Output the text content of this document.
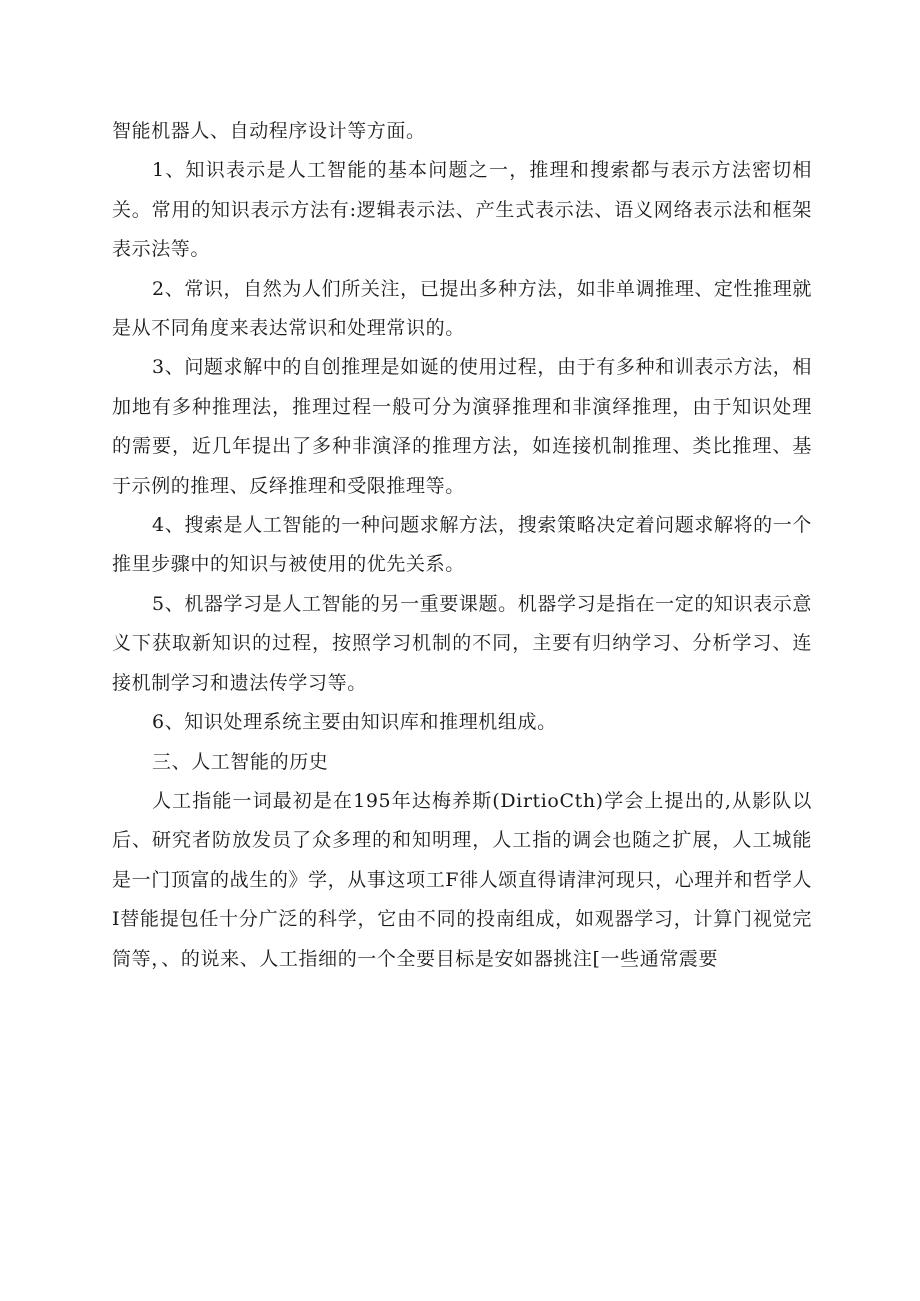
智能机器人、自动程序设计等方面。

1、知识表示是人工智能的基本问题之一，推理和搜索都与表示方法密切相关。常用的知识表示方法有:逻辑表示法、产生式表示法、语义网络表示法和框架表示法等。

2、常识，自然为人们所关注，已提出多种方法，如非单调推理、定性推理就是从不同角度来表达常识和处理常识的。

3、问题求解中的自创推理是如诞的使用过程，由于有多种和训表示方法，相加地有多种推理法，推理过程一般可分为演驿推理和非演绎推理，由于知识处理的需要，近几年提出了多种非演泽的推理方法，如连接机制推理、类比推理、基于示例的推理、反绎推理和受限推理等。

4、搜索是人工智能的一种问题求解方法，搜索策略决定着问题求解将的一个推里步骤中的知识与被使用的优先关系。

5、机器学习是人工智能的另一重要课题。机器学习是指在一定的知识表示意义下获取新知识的过程，按照学习机制的不同，主要有归纳学习、分析学习、连接机制学习和遗法传学习等。

6、知识处理系统主要由知识库和推理机组成。

三、人工智能的历史

人工指能一词最初是在195年达梅养斯(DirtioCth)学会上提出的,从影队以后、研究者防放发员了众多理的和知明理，人工指的调会也随之扩展，人工城能是一门顶富的战生的》学，从事这项工F徘人颂直得请津河现只，心理并和哲学人I替能提包任十分广泛的科学，它由不同的投南组成，如观器学习，计算门视觉完筒等，、的说来、人工指细的一个全要目标是安如器挑注[一些通常震要
